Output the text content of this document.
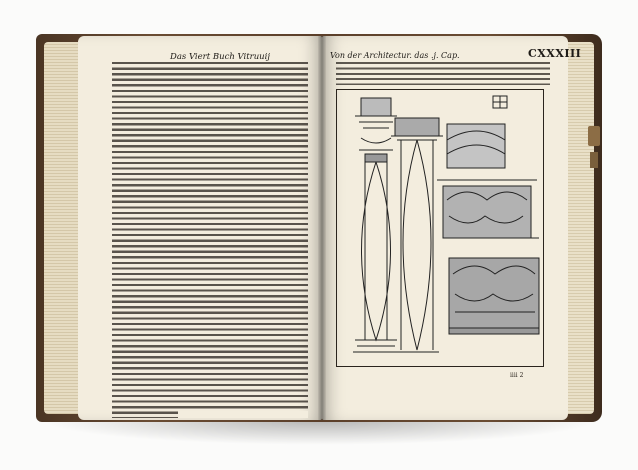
Das Viert Buch Vitruuij	Von der Architectur. das .j. Cap.	CXXXIII
iiii 2
